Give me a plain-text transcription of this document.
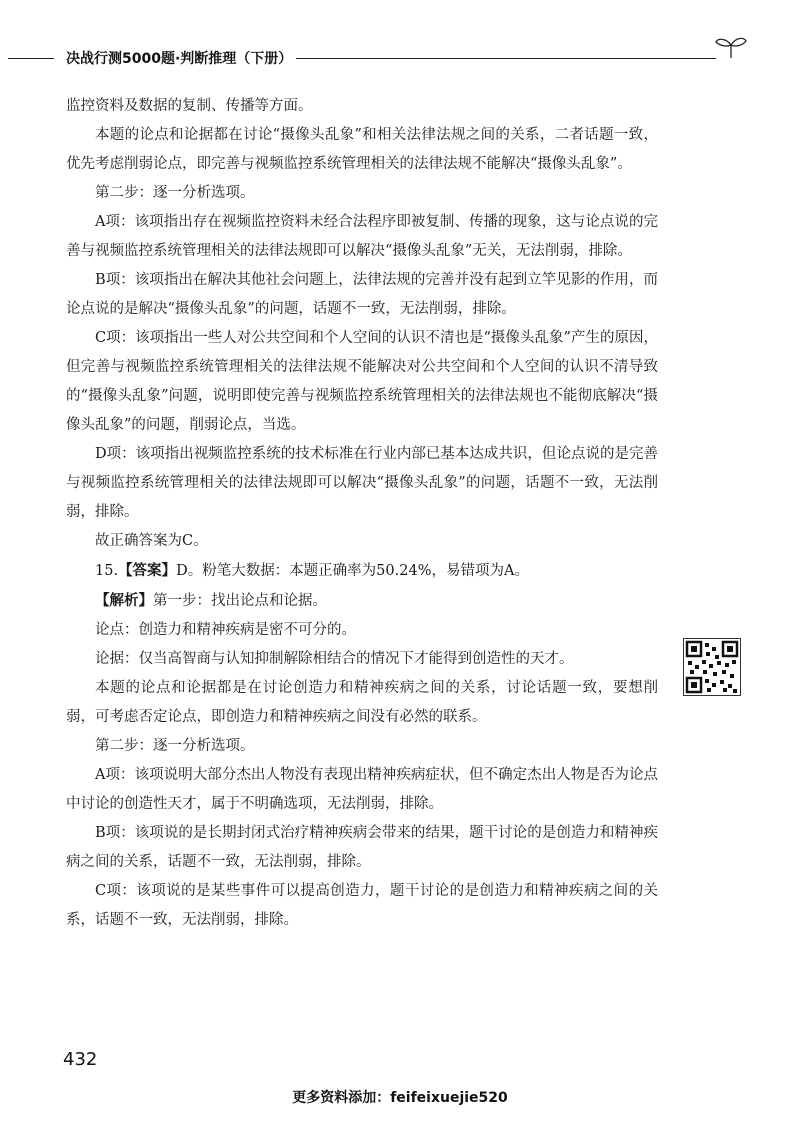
决战行测5000题·判断推理（下册）

监控资料及数据的复制、传播等方面。

本题的论点和论据都在讨论“摄像头乱象”和相关法律法规之间的关系，二者话题一致，优先考虑削弱论点，即完善与视频监控系统管理相关的法律法规不能解决“摄像头乱象”。

第二步：逐一分析选项。

A项：该项指出存在视频监控资料未经合法程序即被复制、传播的现象，这与论点说的完善与视频监控系统管理相关的法律法规即可以解决“摄像头乱象”无关，无法削弱，排除。

B项：该项指出在解决其他社会问题上，法律法规的完善并没有起到立竿见影的作用，而论点说的是解决“摄像头乱象”的问题，话题不一致，无法削弱，排除。

C项：该项指出一些人对公共空间和个人空间的认识不清也是“摄像头乱象”产生的原因，但完善与视频监控系统管理相关的法律法规不能解决对公共空间和个人空间的认识不清导致的“摄像头乱象”问题，说明即使完善与视频监控系统管理相关的法律法规也不能彻底解决“摄像头乱象”的问题，削弱论点，当选。

D项：该项指出视频监控系统的技术标准在行业内部已基本达成共识，但论点说的是完善与视频监控系统管理相关的法律法规即可以解决“摄像头乱象”的问题，话题不一致，无法削弱，排除。

故正确答案为C。

15.【答案】D。粉笔大数据：本题正确率为50.24%，易错项为A。

【解析】第一步：找出论点和论据。

论点：创造力和精神疾病是密不可分的。

论据：仅当高智商与认知抑制解除相结合的情况下才能得到创造性的天才。

本题的论点和论据都是在讨论创造力和精神疾病之间的关系，讨论话题一致，要想削弱，可考虑否定论点，即创造力和精神疾病之间没有必然的联系。

第二步：逐一分析选项。

A项：该项说明大部分杰出人物没有表现出精神疾病症状，但不确定杰出人物是否为论点中讨论的创造性天才，属于不明确选项，无法削弱，排除。

B项：该项说的是长期封闭式治疗精神疾病会带来的结果，题干讨论的是创造力和精神疾病之间的关系，话题不一致，无法削弱，排除。

C项：该项说的是某些事件可以提高创造力，题干讨论的是创造力和精神疾病之间的关系，话题不一致，无法削弱，排除。

432
更多资料添加：feifeixuejie520
